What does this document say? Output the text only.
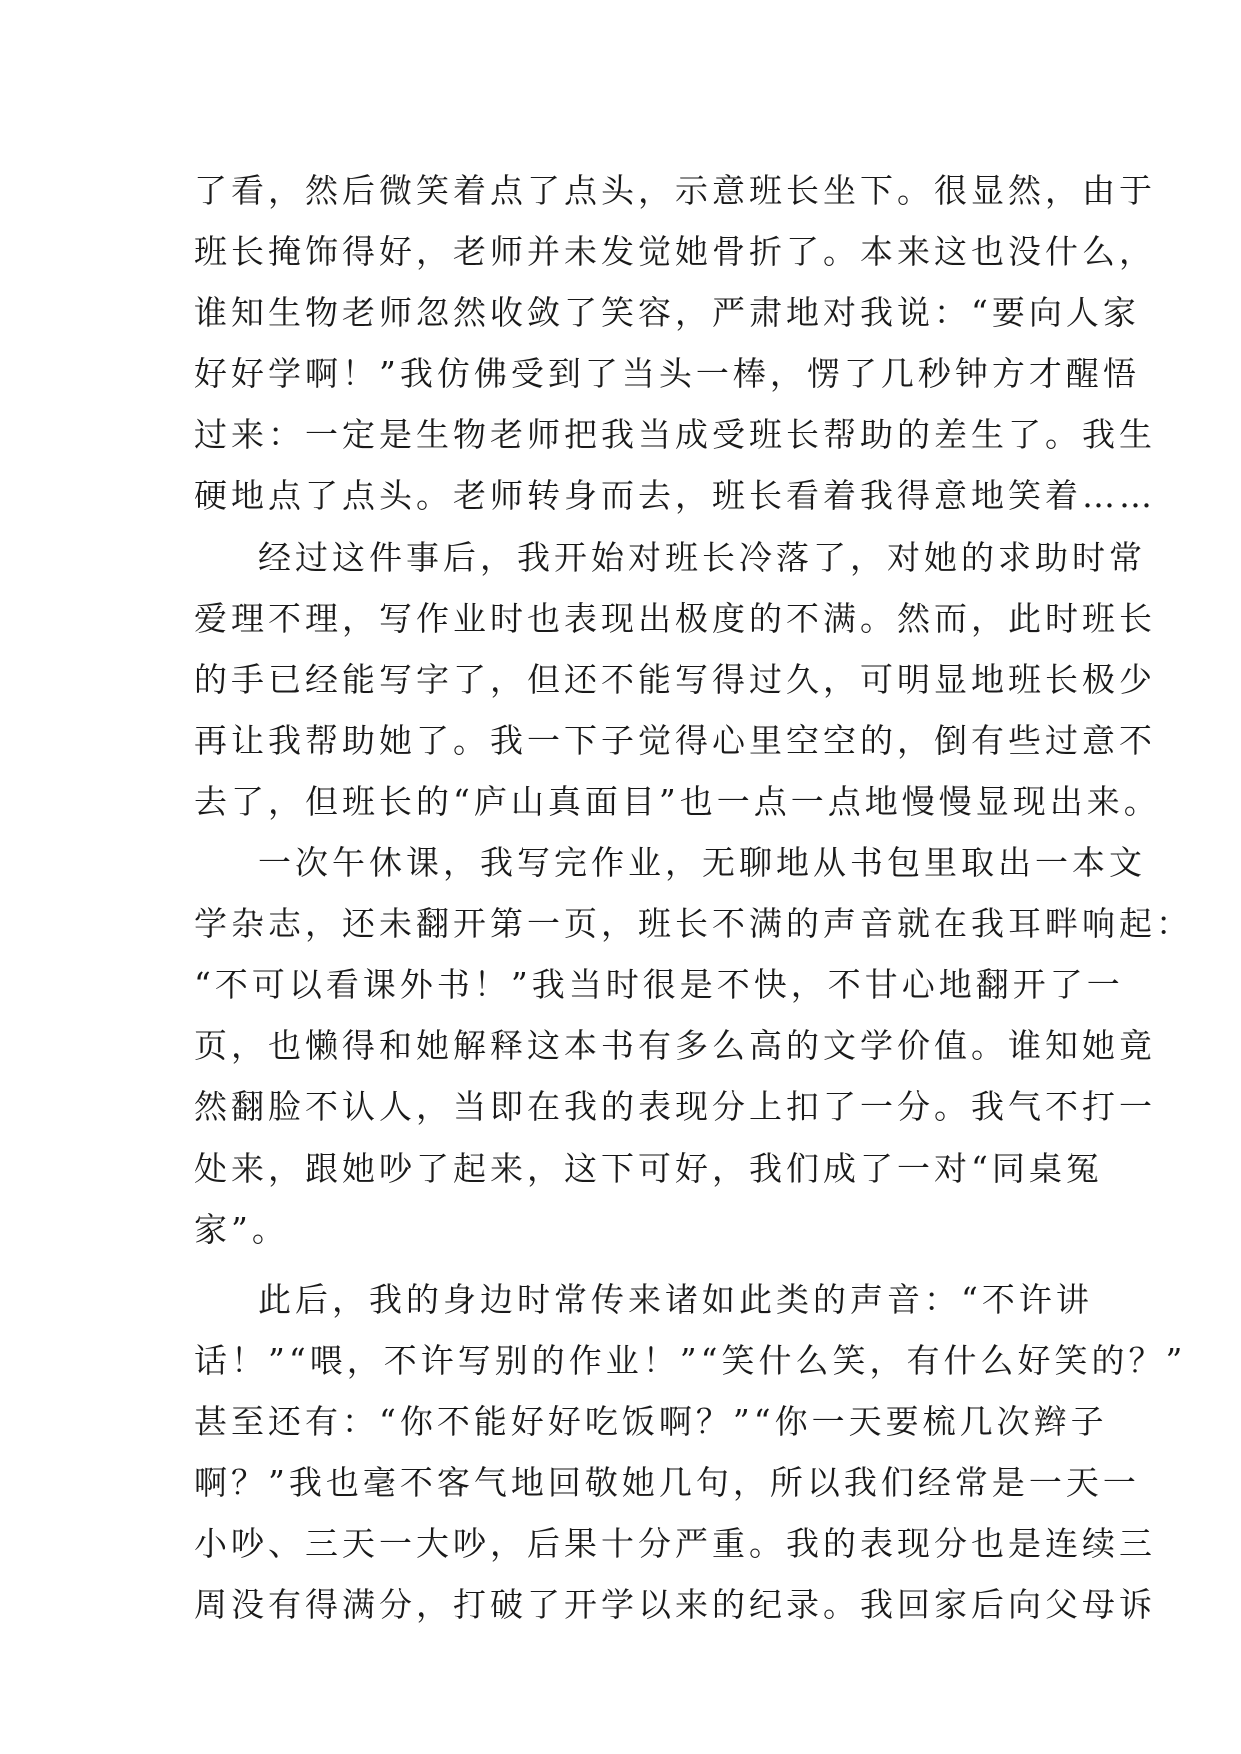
了看，然后微笑着点了点头，示意班长坐下。很显然，由于
班长掩饰得好，老师并未发觉她骨折了。本来这也没什么，
谁知生物老师忽然收敛了笑容，严肃地对我说：“要向人家
好好学啊！”我仿佛受到了当头一棒，愣了几秒钟方才醒悟
过来：一定是生物老师把我当成受班长帮助的差生了。我生
硬地点了点头。老师转身而去，班长看着我得意地笑着……
经过这件事后，我开始对班长冷落了，对她的求助时常
爱理不理，写作业时也表现出极度的不满。然而，此时班长
的手已经能写字了，但还不能写得过久，可明显地班长极少
再让我帮助她了。我一下子觉得心里空空的，倒有些过意不
去了，但班长的“庐山真面目”也一点一点地慢慢显现出来。
一次午休课，我写完作业，无聊地从书包里取出一本文
学杂志，还未翻开第一页，班长不满的声音就在我耳畔响起：
“不可以看课外书！”我当时很是不快，不甘心地翻开了一
页，也懒得和她解释这本书有多么高的文学价值。谁知她竟
然翻脸不认人，当即在我的表现分上扣了一分。我气不打一
处来，跟她吵了起来，这下可好，我们成了一对“同桌冤
家”。
此后，我的身边时常传来诸如此类的声音：“不许讲
话！”“喂，不许写别的作业！”“笑什么笑，有什么好笑的？”
甚至还有：“你不能好好吃饭啊？”“你一天要梳几次辫子
啊？”我也毫不客气地回敬她几句，所以我们经常是一天一
小吵、三天一大吵，后果十分严重。我的表现分也是连续三
周没有得满分，打破了开学以来的纪录。我回家后向父母诉
